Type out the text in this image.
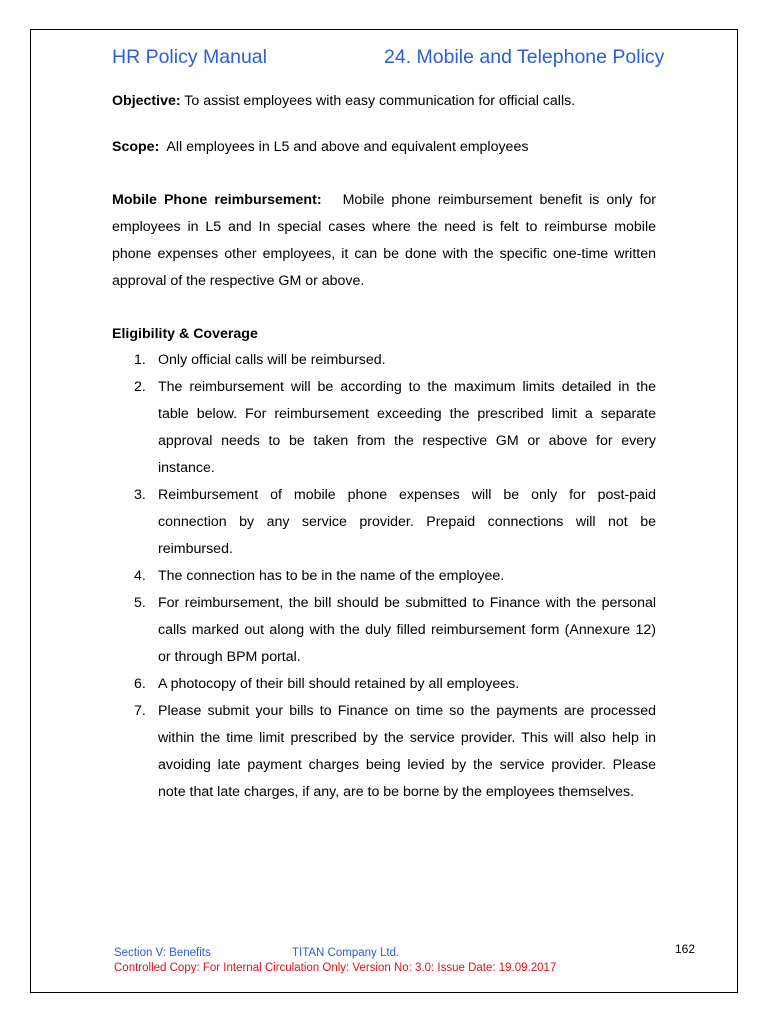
HR Policy Manual	24. Mobile and Telephone Policy

Objective: To assist employees with easy communication for official calls.

Scope:  All employees in L5 and above and equivalent employees

Mobile Phone reimbursement:   Mobile phone reimbursement benefit is only for employees in L5 and In special cases where the need is felt to reimburse mobile phone expenses other employees, it can be done with the specific one-time written approval of the respective GM or above.

Eligibility & Coverage
1. Only official calls will be reimbursed.
2. The reimbursement will be according to the maximum limits detailed in the table below. For reimbursement exceeding the prescribed limit a separate approval needs to be taken from the respective GM or above for every instance.
3. Reimbursement of mobile phone expenses will be only for post-paid connection by any service provider. Prepaid connections will not be reimbursed.
4. The connection has to be in the name of the employee.
5. For reimbursement, the bill should be submitted to Finance with the personal calls marked out along with the duly filled reimbursement form (Annexure 12) or through BPM portal.
6. A photocopy of their bill should retained by all employees.
7. Please submit your bills to Finance on time so the payments are processed within the time limit prescribed by the service provider. This will also help in avoiding late payment charges being levied by the service provider. Please note that late charges, if any, are to be borne by the employees themselves.
Section V: Benefits	TITAN Company Ltd.
Controlled Copy: For Internal Circulation Only: Version No: 3.0: Issue Date: 19.09.2017
162
